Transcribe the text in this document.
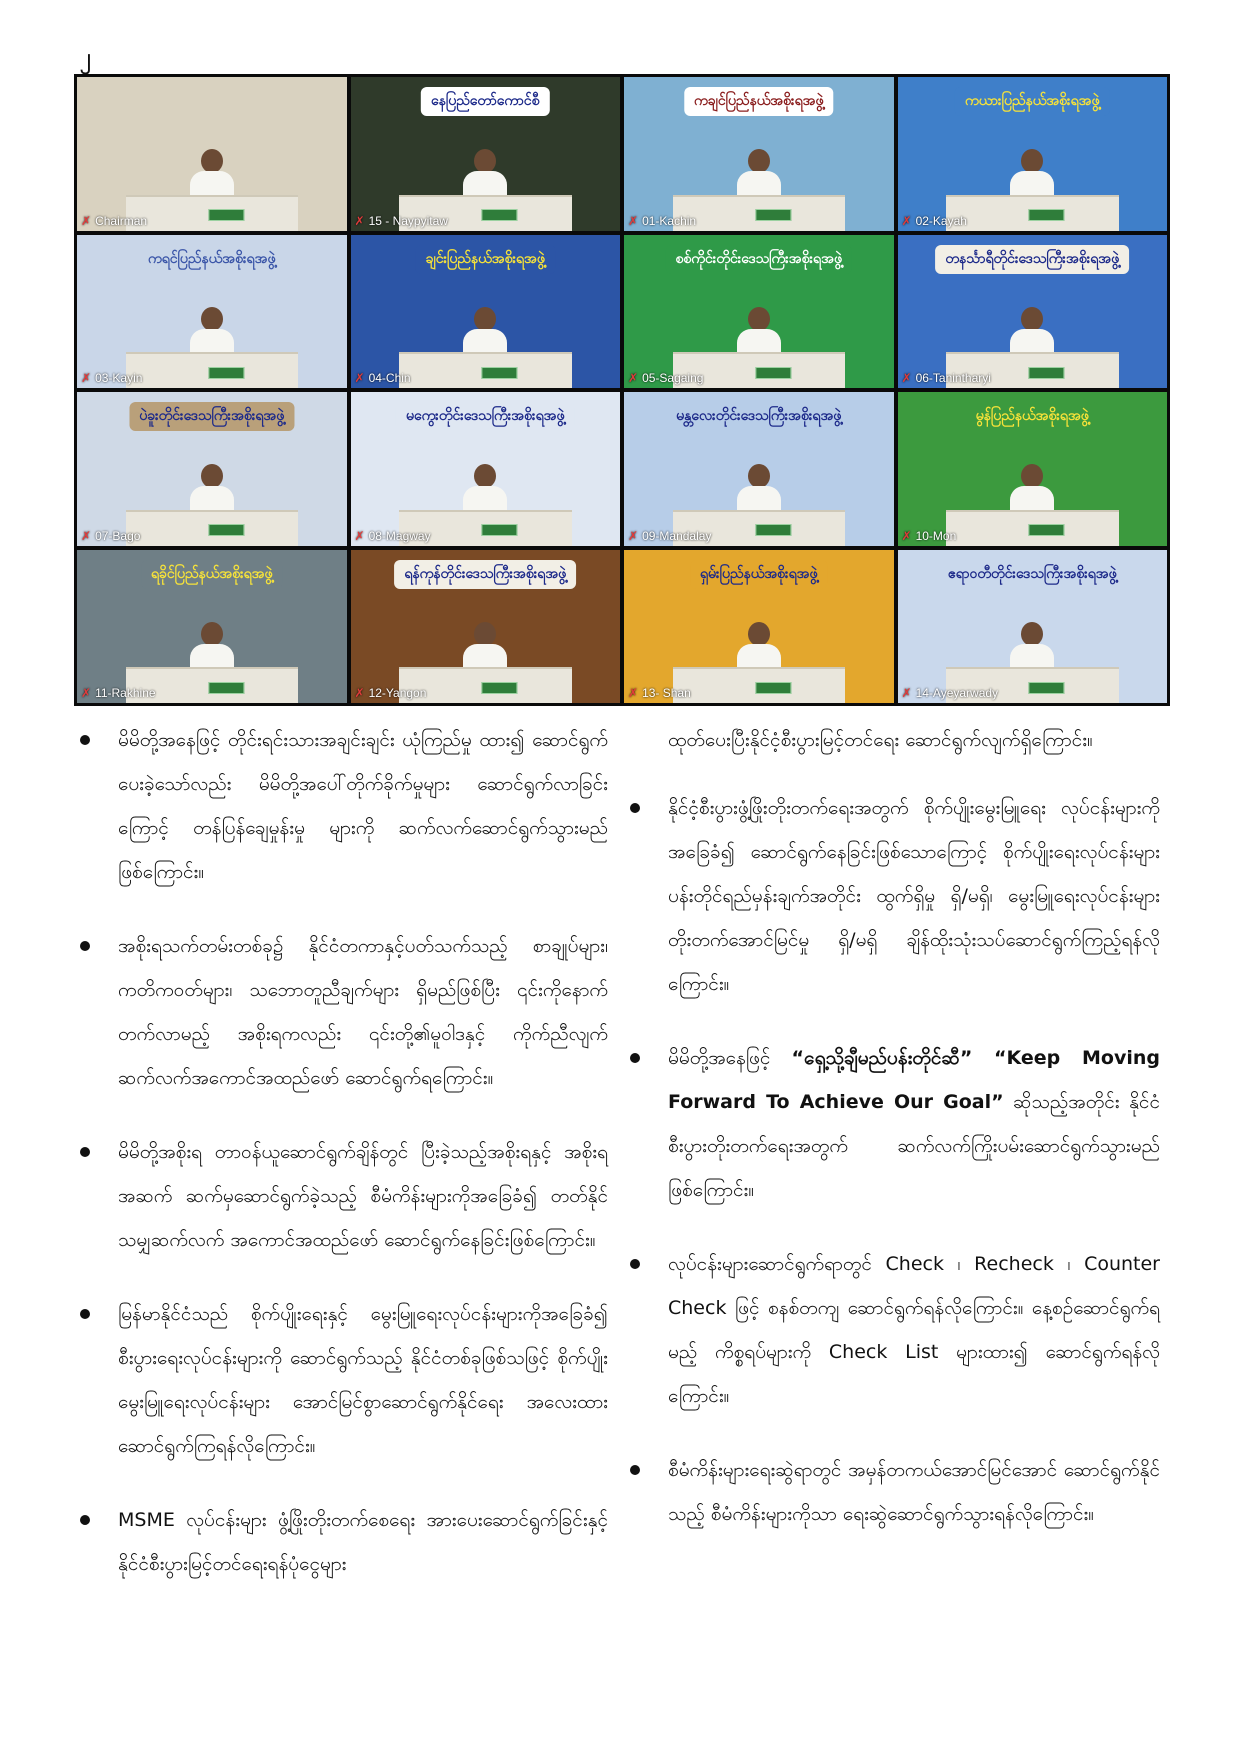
၂
✗ Chairman
နေပြည်တော်ကောင်စီ
✗ 15 - Naypyitaw
ကချင်ပြည်နယ်အစိုးရအဖွဲ့
✗ 01-Kachin
ကယားပြည်နယ်အစိုးရအဖွဲ့
✗ 02-Kayah
ကရင်ပြည်နယ်အစိုးရအဖွဲ့
✗ 03-Kayin
ချင်းပြည်နယ်အစိုးရအဖွဲ့
✗ 04-Chin
စစ်ကိုင်းတိုင်းဒေသကြီးအစိုးရအဖွဲ့
✗ 05-Sagaing
တနင်္သာရီတိုင်းဒေသကြီးအစိုးရအဖွဲ့
✗ 06-Tanintharyi
ပဲခူးတိုင်းဒေသကြီးအစိုးရအဖွဲ့
✗ 07-Bago
မကွေးတိုင်းဒေသကြီးအစိုးရအဖွဲ့
✗ 08-Magway
မန္တလေးတိုင်းဒေသကြီးအစိုးရအဖွဲ့
✗ 09-Mandalay
မွန်ပြည်နယ်အစိုးရအဖွဲ့
✗ 10-Mon
ရခိုင်ပြည်နယ်အစိုးရအဖွဲ့
✗ 11-Rakhine
ရန်ကုန်တိုင်းဒေသကြီးအစိုးရအဖွဲ့
✗ 12-Yangon
ရှမ်းပြည်နယ်အစိုးရအဖွဲ့
✗ 13- Shan
ဧရာဝတီတိုင်းဒေသကြီးအစိုးရအဖွဲ့
✗ 14-Ayeyarwady
မိမိတို့အနေဖြင့် တိုင်းရင်းသားအချင်းချင်း ယုံကြည်မှု ထား၍ ဆောင်ရွက်ပေးခဲ့သော်လည်း မိမိတို့အပေါ်တိုက်ခိုက်မှုများ ဆောင်ရွက်လာခြင်းကြောင့် တန်ပြန်ချေမှုန်းမှု များကို ဆက်လက်ဆောင်ရွက်သွားမည်ဖြစ်ကြောင်း။
အစိုးရသက်တမ်းတစ်ခု၌ နိုင်ငံတကာနှင့်ပတ်သက်သည့် စာချုပ်များ၊ ကတိကဝတ်များ၊ သဘောတူညီချက်များ ရှိမည်ဖြစ်ပြီး ၎င်းကိုနောက်တက်လာမည့် အစိုးရကလည်း ၎င်းတို့၏မူဝါဒနှင့် ကိုက်ညီလျက် ဆက်လက်အကောင်အထည်ဖော် ဆောင်ရွက်ရကြောင်း။
မိမိတို့အစိုးရ တာဝန်ယူဆောင်ရွက်ချိန်တွင် ပြီးခဲ့သည့်အစိုးရနှင့် အစိုးရအဆက် ဆက်မှဆောင်ရွက်ခဲ့သည့် စီမံကိန်းများကိုအခြေခံ၍ တတ်နိုင်သမျှဆက်လက် အကောင်အထည်ဖော် ဆောင်ရွက်နေခြင်းဖြစ်ကြောင်း။
မြန်မာနိုင်ငံသည် စိုက်ပျိုးရေးနှင့် မွေးမြူရေးလုပ်ငန်းများကိုအခြေခံ၍ စီးပွားရေးလုပ်ငန်းများကို ဆောင်ရွက်သည့် နိုင်ငံတစ်ခုဖြစ်သဖြင့် စိုက်ပျိုးမွေးမြူရေးလုပ်ငန်းများ အောင်မြင်စွာဆောင်ရွက်နိုင်ရေး အလေးထားဆောင်ရွက်ကြရန်လိုကြောင်း။
MSME လုပ်ငန်းများ ဖွံ့ဖြိုးတိုးတက်စေရေး အားပေးဆောင်ရွက်ခြင်းနှင့် နိုင်ငံစီးပွားမြင့်တင်ရေးရန်ပုံငွေများ
ထုတ်ပေးပြီးနိုင်ငံ့စီးပွားမြင့်တင်ရေး ဆောင်ရွက်လျက်ရှိကြောင်း။
နိုင်ငံ့စီးပွားဖွံ့ဖြိုးတိုးတက်ရေးအတွက် စိုက်ပျိုးမွေးမြူရေး လုပ်ငန်းများကို အခြေခံ၍ ဆောင်ရွက်နေခြင်းဖြစ်သောကြောင့် စိုက်ပျိုးရေးလုပ်ငန်းများ ပန်းတိုင်ရည်မှန်းချက်အတိုင်း ထွက်ရှိမှု ရှိ/မရှိ၊ မွေးမြူရေးလုပ်ငန်းများတိုးတက်အောင်မြင်မှု ရှိ/မရှိ ချိန်ထိုးသုံးသပ်ဆောင်ရွက်ကြည့်ရန်လိုကြောင်း။
မိမိတို့အနေဖြင့် “ရှေ့သို့ချီမည်ပန်းတိုင်ဆီ” “Keep Moving Forward To Achieve Our Goal” ဆိုသည့်အတိုင်း နိုင်ငံစီးပွားတိုးတက်ရေးအတွက် ဆက်လက်ကြိုးပမ်းဆောင်ရွက်သွားမည်ဖြစ်ကြောင်း။
လုပ်ငန်းများဆောင်ရွက်ရာတွင် Check ၊ Recheck ၊ Counter Check ဖြင့် စနစ်တကျ ဆောင်ရွက်ရန်လိုကြောင်း။ နေ့စဉ်ဆောင်ရွက်ရမည့် ကိစ္စရပ်များကို Check List များထား၍ ဆောင်ရွက်ရန်လိုကြောင်း။
စီမံကိန်းများရေးဆွဲရာတွင် အမှန်တကယ်အောင်မြင်အောင် ဆောင်ရွက်နိုင်သည့် စီမံကိန်းများကိုသာ ရေးဆွဲဆောင်ရွက်သွားရန်လိုကြောင်း။
